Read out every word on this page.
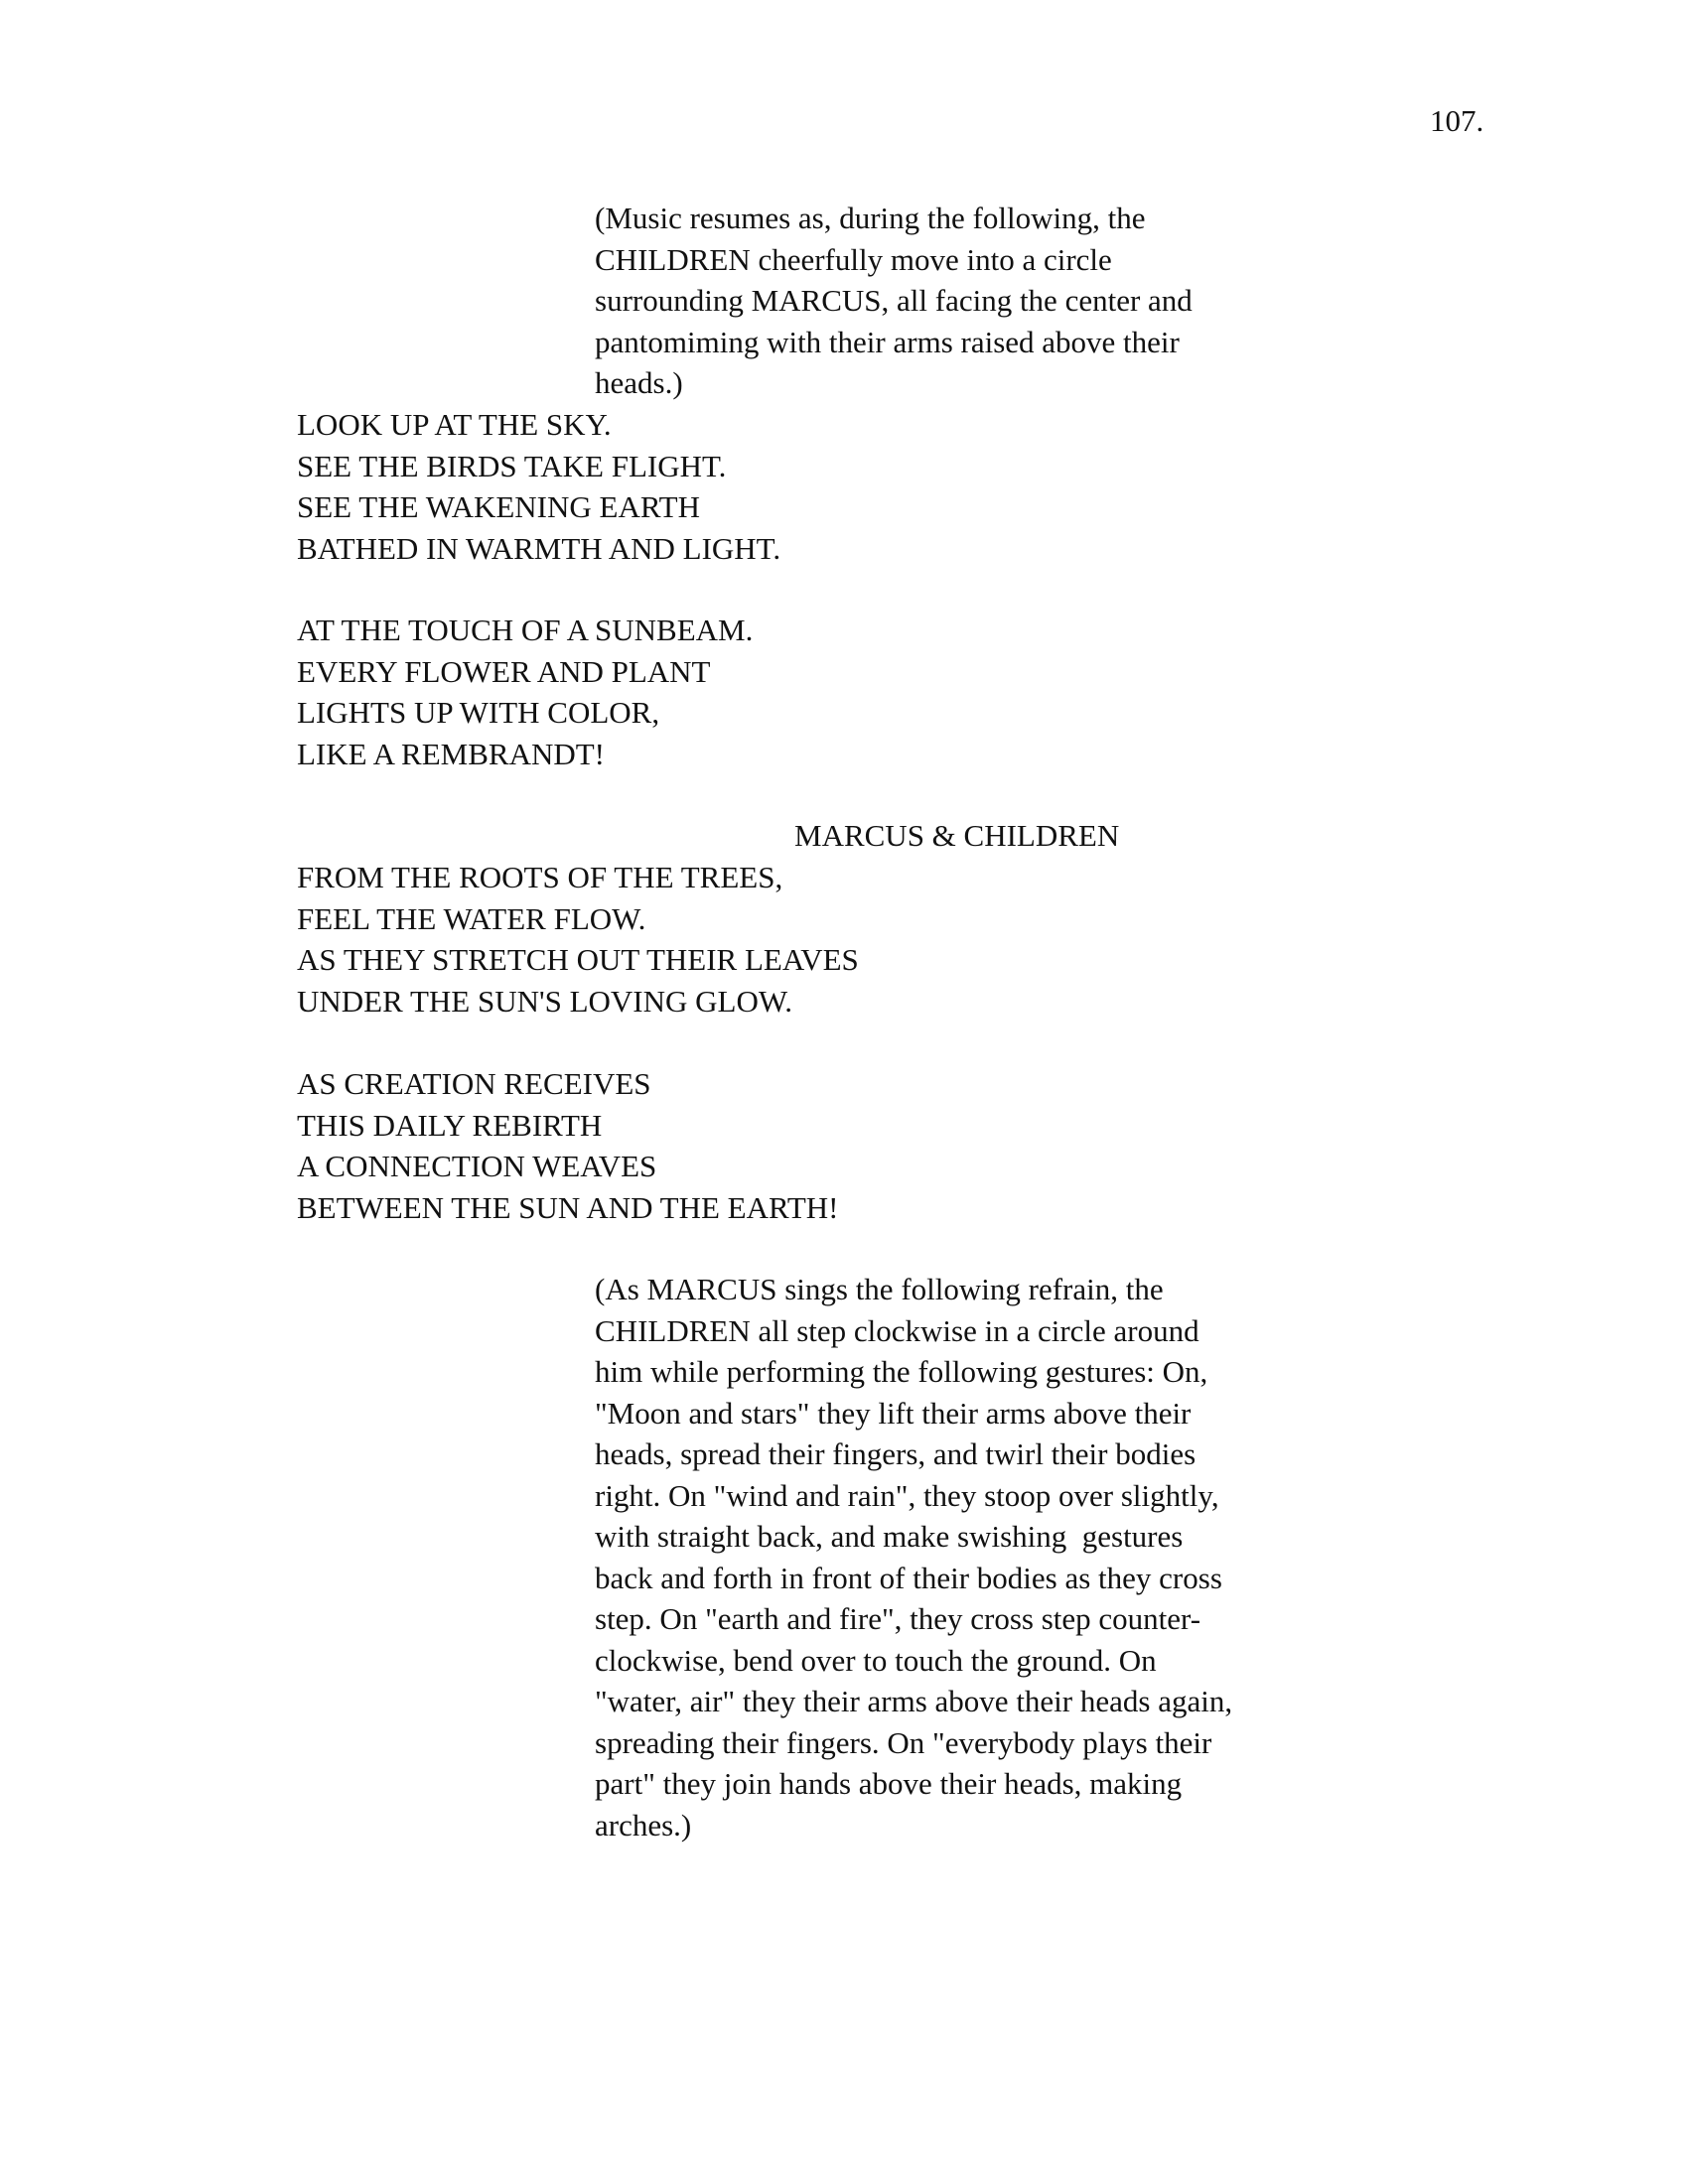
107.
(Music resumes as, during the following, the
CHILDREN cheerfully move into a circle
surrounding MARCUS, all facing the center and
pantomiming with their arms raised above their
heads.)
LOOK UP AT THE SKY.
SEE THE BIRDS TAKE FLIGHT.
SEE THE WAKENING EARTH
BATHED IN WARMTH AND LIGHT.
AT THE TOUCH OF A SUNBEAM.
EVERY FLOWER AND PLANT
LIGHTS UP WITH COLOR,
LIKE A REMBRANDT!
MARCUS & CHILDREN
FROM THE ROOTS OF THE TREES,
FEEL THE WATER FLOW.
AS THEY STRETCH OUT THEIR LEAVES
UNDER THE SUN'S LOVING GLOW.
AS CREATION RECEIVES
THIS DAILY REBIRTH
A CONNECTION WEAVES
BETWEEN THE SUN AND THE EARTH!
(As MARCUS sings the following refrain, the
CHILDREN all step clockwise in a circle around
him while performing the following gestures: On,
"Moon and stars" they lift their arms above their
heads, spread their fingers, and twirl their bodies
right. On "wind and rain", they stoop over slightly,
with straight back, and make swishing  gestures
back and forth in front of their bodies as they cross
step. On "earth and fire", they cross step counter-
clockwise, bend over to touch the ground. On
"water, air" they their arms above their heads again,
spreading their fingers. On "everybody plays their
part" they join hands above their heads, making
arches.)
